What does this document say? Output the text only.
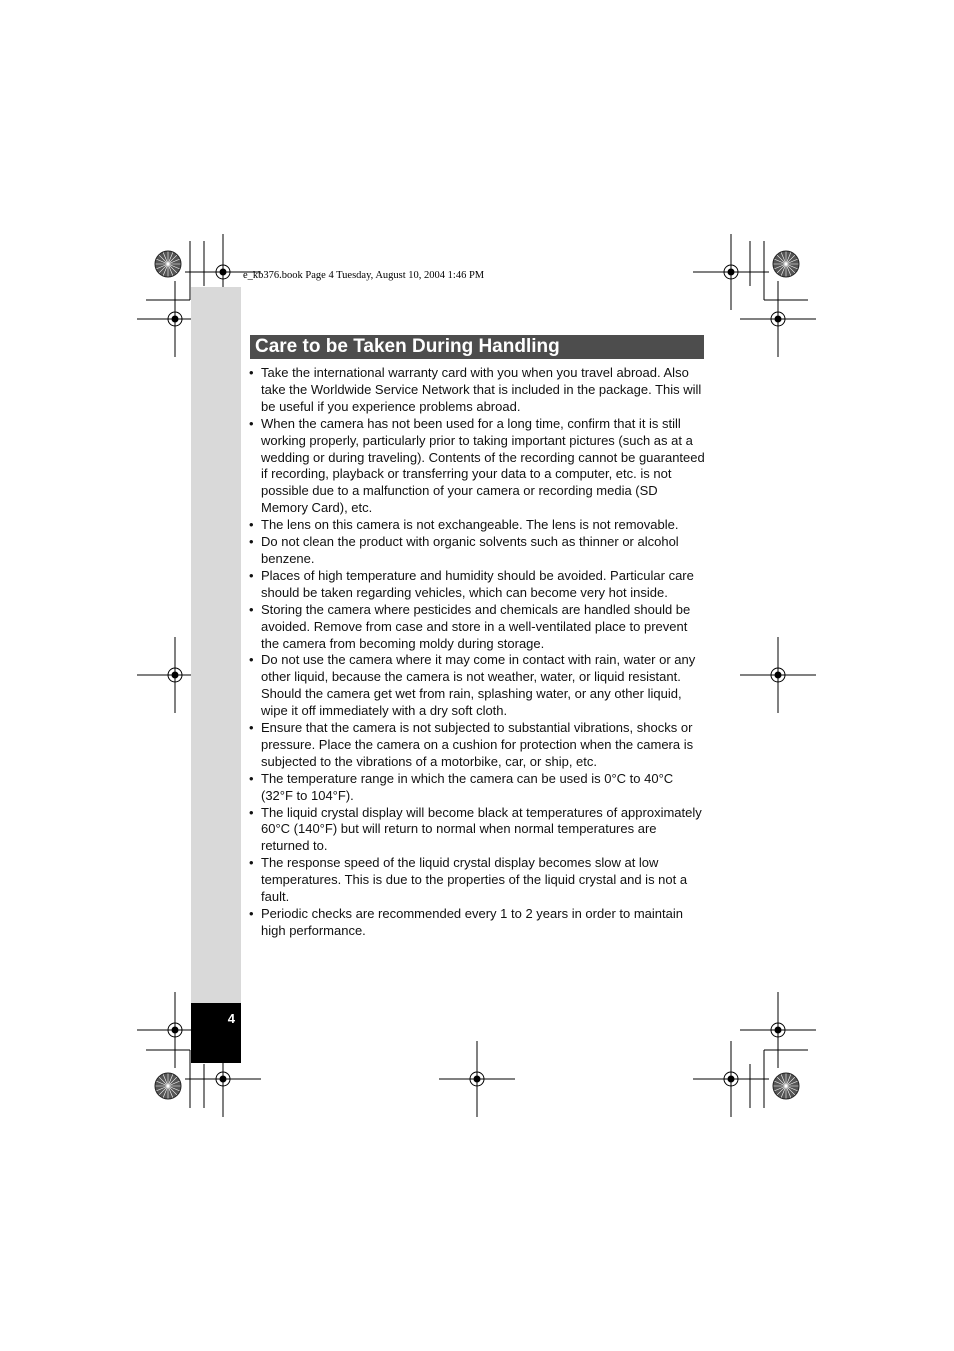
e_kb376.book Page 4 Tuesday, August 10, 2004 1:46 PM
Care to be Taken During Handling
• Take the international warranty card with you when you travel abroad. Also take the Worldwide Service Network that is included in the package. This will be useful if you experience problems abroad.
• When the camera has not been used for a long time, confirm that it is still working properly, particularly prior to taking important pictures (such as at a wedding or during traveling). Contents of the recording cannot be guaranteed if recording, playback or transferring your data to a computer, etc. is not possible due to a malfunction of your camera or recording media (SD Memory Card), etc.
• The lens on this camera is not exchangeable. The lens is not removable.
• Do not clean the product with organic solvents such as thinner or alcohol benzene.
• Places of high temperature and humidity should be avoided. Particular care should be taken regarding vehicles, which can become very hot inside.
• Storing the camera where pesticides and chemicals are handled should be avoided. Remove from case and store in a well-ventilated place to prevent the camera from becoming moldy during storage.
• Do not use the camera where it may come in contact with rain, water or any other liquid, because the camera is not weather, water, or liquid resistant. Should the camera get wet from rain, splashing water, or any other liquid, wipe it off immediately with a dry soft cloth.
• Ensure that the camera is not subjected to substantial vibrations, shocks or pressure. Place the camera on a cushion for protection when the camera is subjected to the vibrations of a motorbike, car, or ship, etc.
• The temperature range in which the camera can be used is 0°C to 40°C (32°F to 104°F).
• The liquid crystal display will become black at temperatures of approximately 60°C (140°F) but will return to normal when normal temperatures are returned to.
• The response speed of the liquid crystal display becomes slow at low temperatures. This is due to the properties of the liquid crystal and is not a fault.
• Periodic checks are recommended every 1 to 2 years in order to maintain high performance.
4
